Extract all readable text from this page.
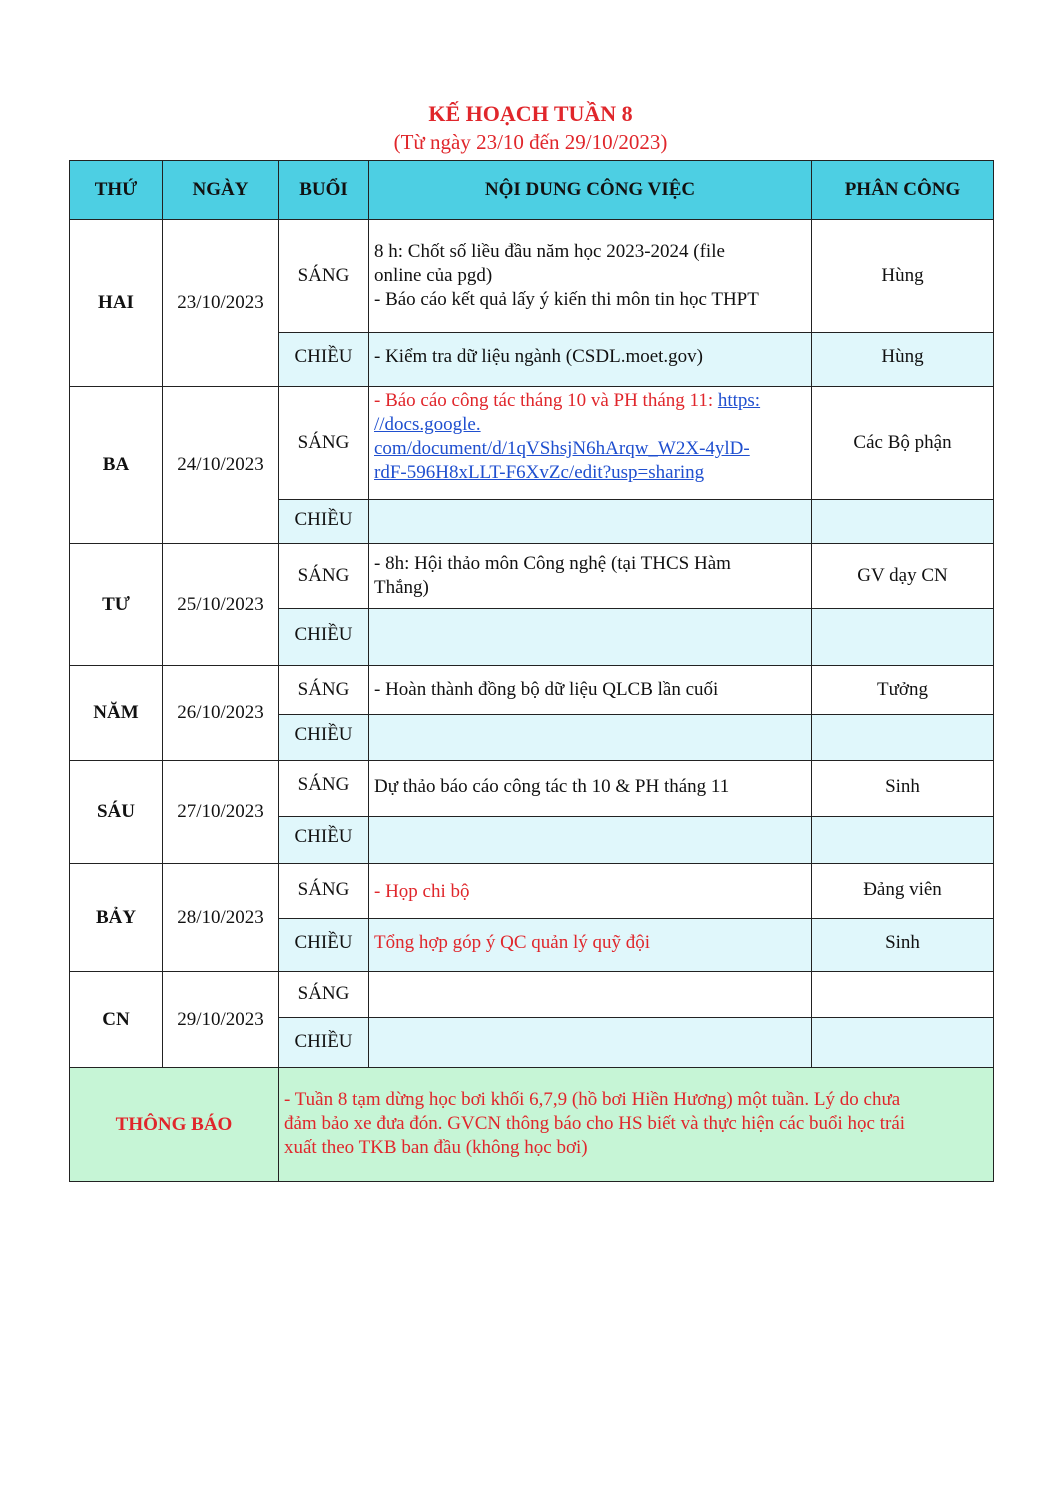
KẾ HOẠCH TUẦN 8
(Từ ngày 23/10 đến 29/10/2023)
THỨ	NGÀY	BUỔI	NỘI DUNG CÔNG VIỆC	PHÂN CÔNG
HAI	23/10/2023	SÁNG	8 h: Chốt số liều đầu năm học 2023-2024 (file
online của pgd)
- Báo cáo kết quả lấy ý kiến thi môn tin học THPT	Hùng
		CHIỀU	- Kiểm tra dữ liệu ngành (CSDL.moet.gov)	Hùng
BA	24/10/2023	SÁNG	- Báo cáo công tác tháng 10 và PH tháng 11: https:
//docs.google.
com/document/d/1qVShsjN6hArqw_W2X-4ylD-
rdF-596H8xLLT-F6XvZc/edit?usp=sharing	Các Bộ phận
		CHIỀU		
TƯ	25/10/2023	SÁNG	- 8h: Hội thảo môn Công nghệ (tại THCS Hàm
Thắng)	GV dạy CN
		CHIỀU		
NĂM	26/10/2023	SÁNG	- Hoàn thành đồng bộ dữ liệu QLCB lần cuối	Tưởng
		CHIỀU		
SÁU	27/10/2023	SÁNG	Dự thảo báo cáo công tác th 10 & PH tháng 11	Sinh
		CHIỀU		
BẢY	28/10/2023	SÁNG	- Họp chi bộ	Đảng viên
		CHIỀU	Tổng hợp góp ý QC quản lý quỹ đội	Sinh
CN	29/10/2023	SÁNG		
		CHIỀU		
THÔNG BÁO		- Tuần 8 tạm dừng học bơi khối 6,7,9 (hồ bơi Hiền Hương) một tuần. Lý do chưa
đảm bảo xe đưa đón. GVCN thông báo cho HS biết và thực hiện các buổi học trái
xuất theo TKB ban đầu (không học bơi)		
